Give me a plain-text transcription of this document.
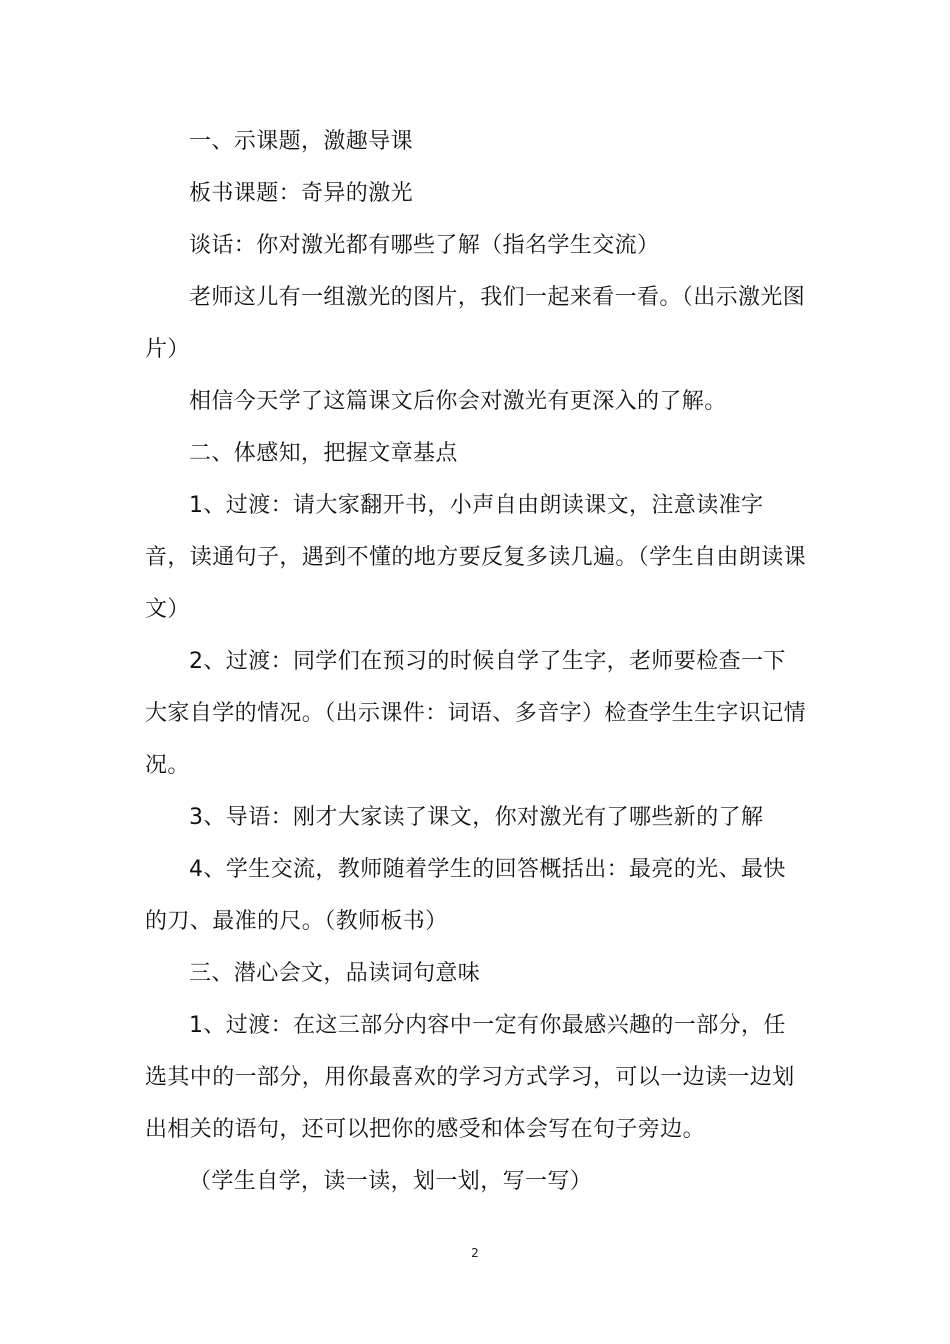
一、示课题，激趣导课

板书课题：奇异的激光

谈话：你对激光都有哪些了解（指名学生交流）

老师这儿有一组激光的图片，我们一起来看一看。（出示激光图片）

相信今天学了这篇课文后你会对激光有更深入的了解。

二、体感知，把握文章基点

1、过渡：请大家翻开书，小声自由朗读课文，注意读准字音，读通句子，遇到不懂的地方要反复多读几遍。（学生自由朗读课文）

2、过渡：同学们在预习的时候自学了生字，老师要检查一下大家自学的情况。（出示课件：词语、多音字）检查学生生字识记情况。

3、导语：刚才大家读了课文，你对激光有了哪些新的了解

4、学生交流，教师随着学生的回答概括出：最亮的光、最快的刀、最准的尺。（教师板书）

三、潜心会文，品读词句意味

1、过渡：在这三部分内容中一定有你最感兴趣的一部分，任选其中的一部分，用你最喜欢的学习方式学习，可以一边读一边划出相关的语句，还可以把你的感受和体会写在句子旁边。

（学生自学，读一读，划一划，写一写）

2
